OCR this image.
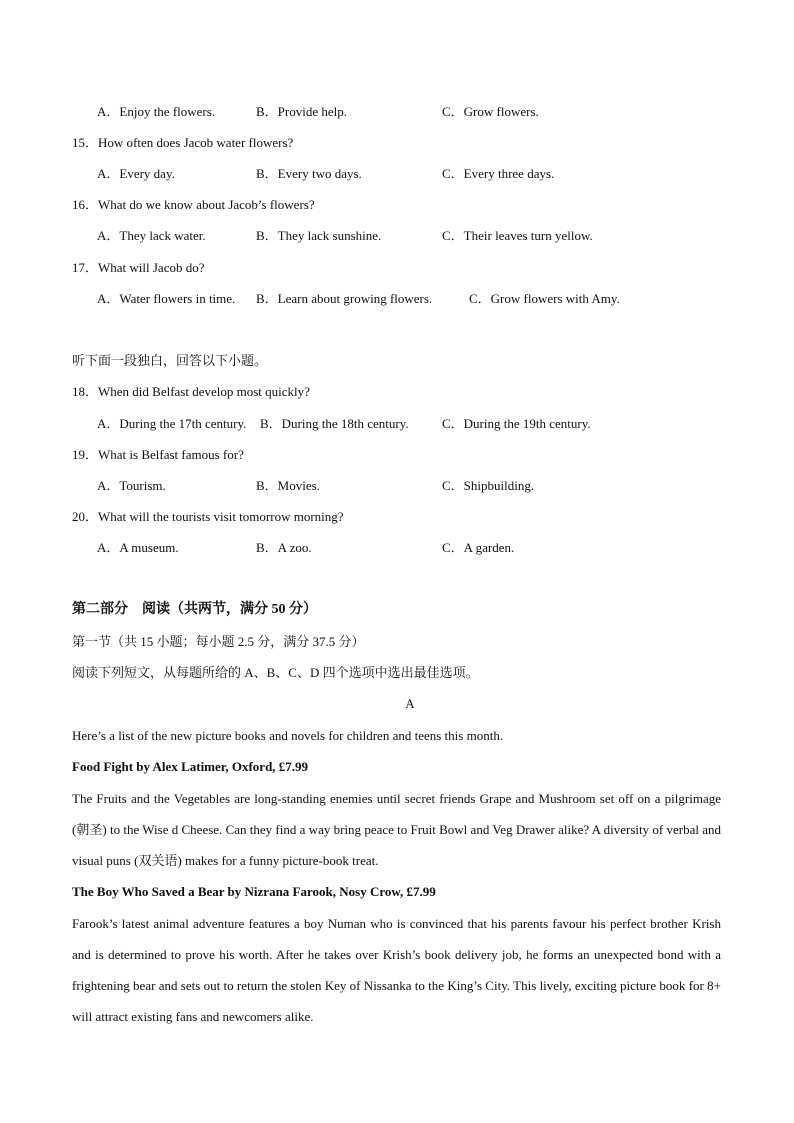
A．Enjoy the flowers.	B．Provide help.	C．Grow flowers.
15．How often does Jacob water flowers?
A．Every day.	B．Every two days.	C．Every three days.
16．What do we know about Jacob’s flowers?
A．They lack water.	B．They lack sunshine.	C．Their leaves turn yellow.
17．What will Jacob do?
A．Water flowers in time. B．Learn about growing flowers.	C．Grow flowers with Amy.
听下面一段独白，回答以下小题。
18．When did Belfast develop most quickly?
A．During the 17th century. B．During the 18th century.	C．During the 19th century.
19．What is Belfast famous for?
A．Tourism.	B．Movies.	C．Shipbuilding.
20．What will the tourists visit tomorrow morning?
A．A museum.	B．A zoo.	C．A garden.
第二部分　阅读（共两节，满分 50 分）
第一节（共 15 小题；每小题 2.5 分，满分 37.5 分）
阅读下列短文，从每题所给的 A、B、C、D 四个选项中选出最佳选项。
A
Here’s a list of the new picture books and novels for children and teens this month.
Food Fight by Alex Latimer, Oxford, £7.99
The Fruits and the Vegetables are long-standing enemies until secret friends Grape and Mushroom set off on a pilgrimage (朝圣) to the Wise d Cheese. Can they find a way bring peace to Fruit Bowl and Veg Drawer alike? A diversity of verbal and visual puns (双关语) makes for a funny picture-book treat.
The Boy Who Saved a Bear by Nizrana Farook, Nosy Crow, £7.99
Farook’s latest animal adventure features a boy Numan who is convinced that his parents favour his perfect brother Krish and is determined to prove his worth. After he takes over Krish’s book delivery job, he forms an unexpected bond with a frightening bear and sets out to return the stolen Key of Nissanka to the King’s City. This lively, exciting picture book for 8+ will attract existing fans and newcomers alike.
